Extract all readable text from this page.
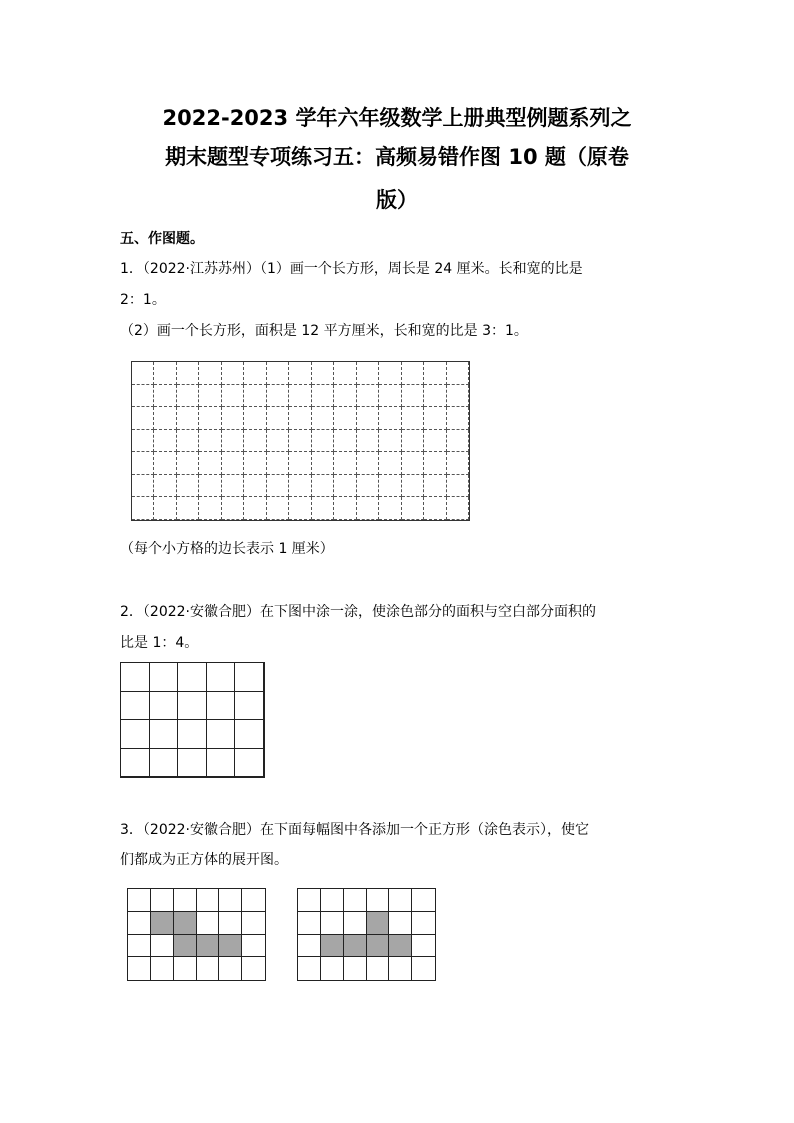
2022-2023 学年六年级数学上册典型例题系列之
期末题型专项练习五：高频易错作图 10 题（原卷
版）
五、作图题。
1．（2022·江苏苏州）（1）画一个长方形，周长是 24 厘米。长和宽的比是
2：1。
（2）画一个长方形，面积是 12 平方厘米，长和宽的比是 3：1。
（每个小方格的边长表示 1 厘米）
2．（2022·安徽合肥）在下图中涂一涂，使涂色部分的面积与空白部分面积的
比是 1：4。
3．（2022·安徽合肥）在下面每幅图中各添加一个正方形（涂色表示），使它
们都成为正方体的展开图。
